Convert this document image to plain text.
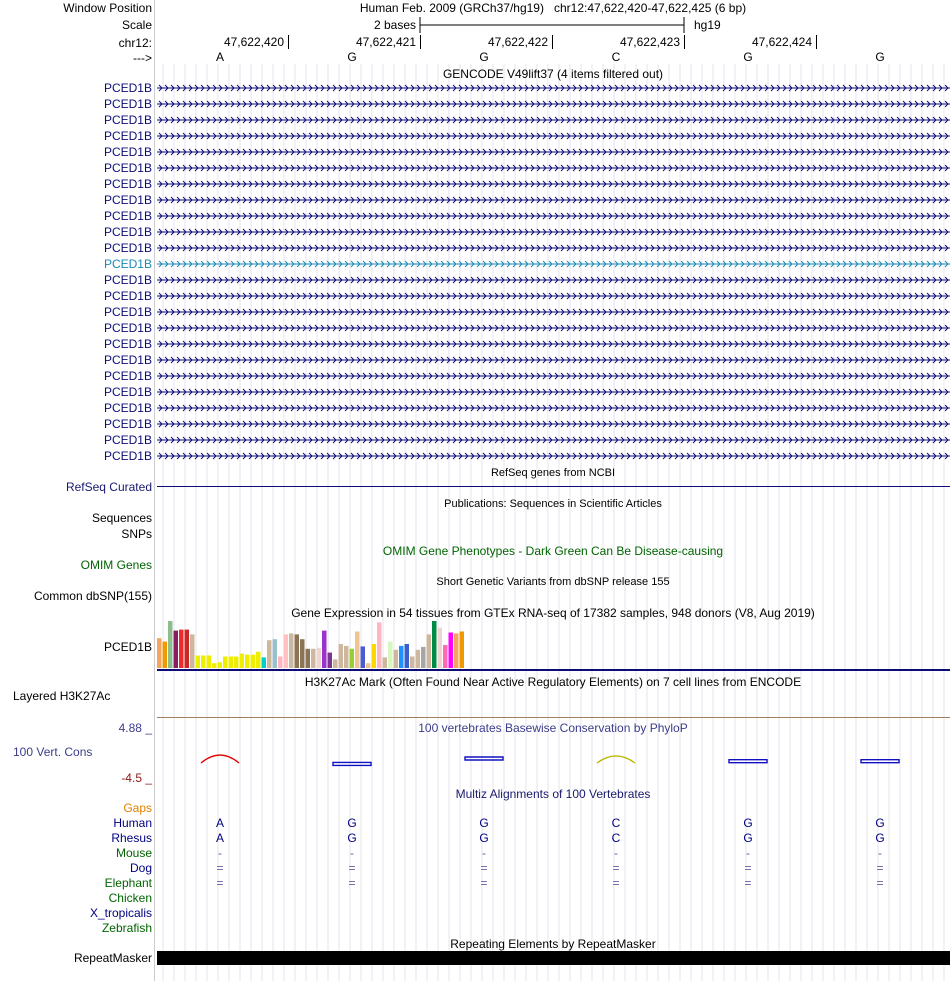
Window Position	Human Feb. 2009 (GRCh37/hg19)   chr12:47,622,420-47,622,425 (6 bp)
Scale	2 bases	hg19
chr12:	47,622,420	47,622,421	47,622,422	47,622,423	47,622,424
--->	A	G	G	C	G	G
GENCODE V49lift37 (4 items filtered out)
PCED1B
PCED1B
PCED1B
PCED1B
PCED1B
PCED1B
PCED1B
PCED1B
PCED1B
PCED1B
PCED1B
PCED1B
PCED1B
PCED1B
PCED1B
PCED1B
PCED1B
PCED1B
PCED1B
PCED1B
PCED1B
PCED1B
PCED1B
PCED1B
RefSeq genes from NCBI
RefSeq Curated
Publications: Sequences in Scientific Articles
Sequences
SNPs
OMIM Gene Phenotypes - Dark Green Can Be Disease-causing
OMIM Genes
Short Genetic Variants from dbSNP release 155
Common dbSNP(155)
Gene Expression in 54 tissues from GTEx RNA-seq of 17382 samples, 948 donors (V8, Aug 2019)
PCED1B
H3K27Ac Mark (Often Found Near Active Regulatory Elements) on 7 cell lines from ENCODE
Layered H3K27Ac
100 vertebrates Basewise Conservation by PhyloP
4.88 _
100 Vert. Cons
-4.5 _
Multiz Alignments of 100 Vertebrates
Gaps
Human	A	G	G	C	G	G
Rhesus	A	G	G	C	G	G
Mouse	-	-	-	-	-	-
Dog	=	=	=	=	=	=
Elephant	=	=	=	=	=	=
Chicken
X_tropicalis
Zebrafish
Repeating Elements by RepeatMasker
RepeatMasker
